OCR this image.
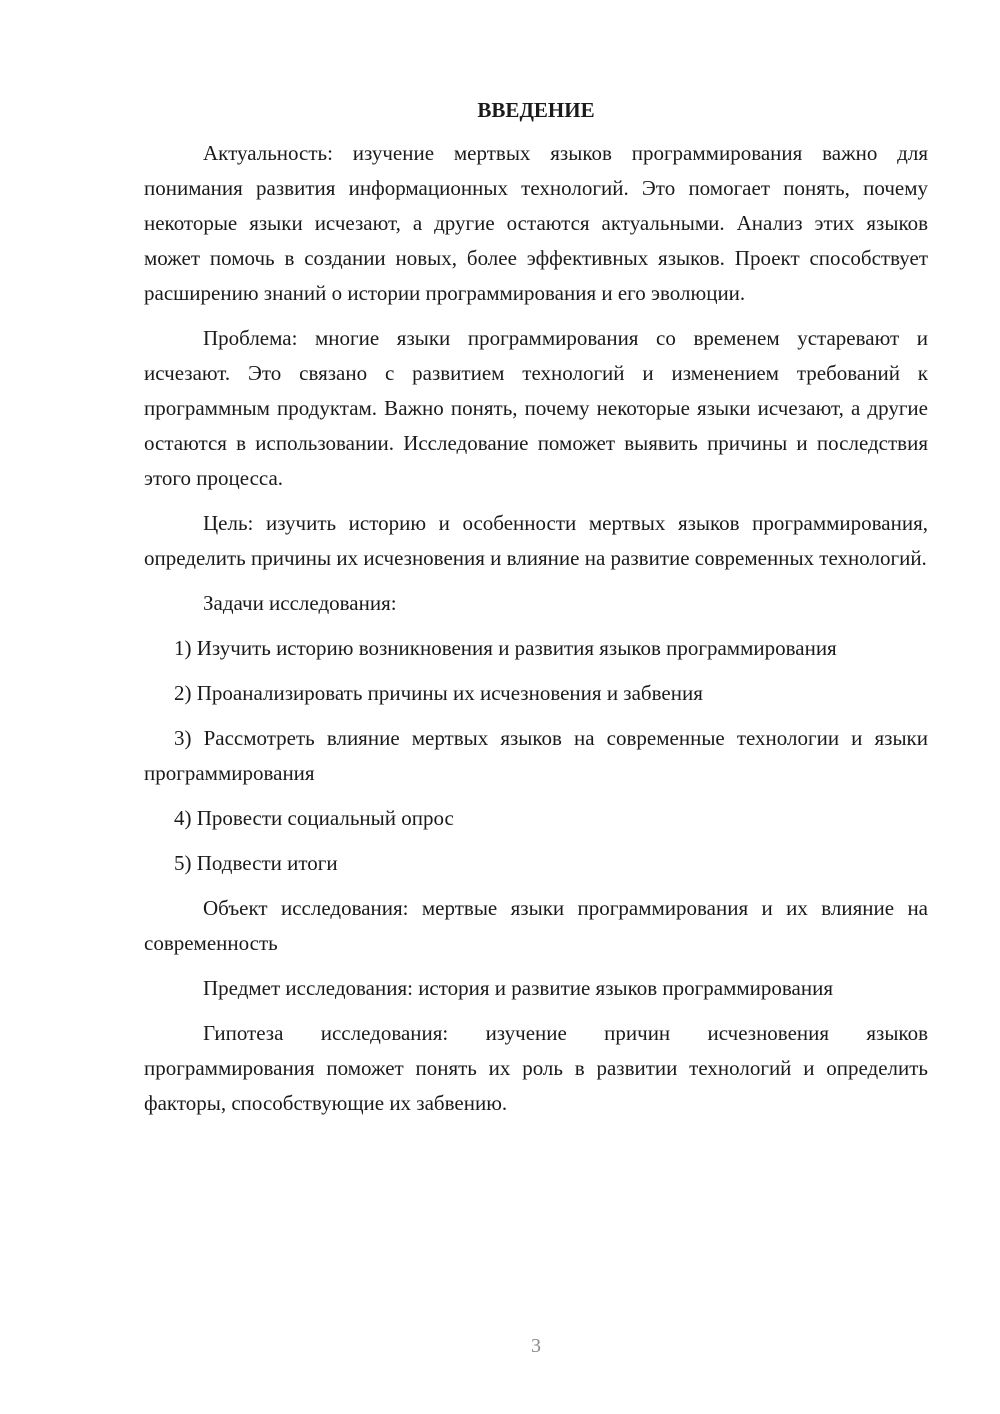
ВВЕДЕНИЕ

Актуальность: изучение мертвых языков программирования важно для понимания развития информационных технологий. Это помогает понять, почему некоторые языки исчезают, а другие остаются актуальными. Анализ этих языков может помочь в создании новых, более эффективных языков. Проект способствует расширению знаний о истории программирования и его эволюции.

Проблема: многие языки программирования со временем устаревают и исчезают. Это связано с развитием технологий и изменением требований к программным продуктам. Важно понять, почему некоторые языки исчезают, а другие остаются в использовании. Исследование поможет выявить причины и последствия этого процесса.

Цель: изучить историю и особенности мертвых языков программирования, определить причины их исчезновения и влияние на развитие современных технологий.

Задачи исследования:

1) Изучить историю возникновения и развития языков программирования

2) Проанализировать причины их исчезновения и забвения

3) Рассмотреть влияние мертвых языков на современные технологии и языки программирования

4) Провести социальный опрос

5) Подвести итоги

Объект исследования: мертвые языки программирования и их влияние на современность

Предмет исследования: история и развитие языков программирования

Гипотеза исследования: изучение причин исчезновения языков программирования поможет понять их роль в развитии технологий и определить факторы, способствующие их забвению.

3
